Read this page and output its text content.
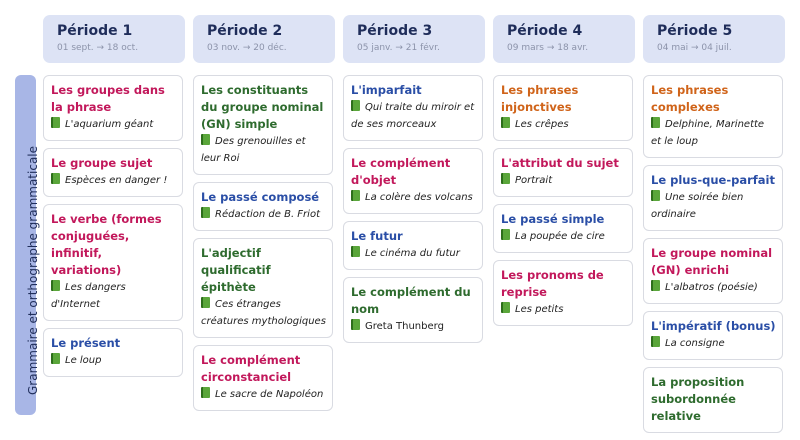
Grammaire et orthographe grammaticale
Période 1
01 sept. → 18 oct.
Les groupes dans la phrase
L'aquarium géant
Le groupe sujet
Espèces en danger !
Le verbe (formes conjuguées, infinitif, variations)
Les dangers d'Internet
Le présent
Le loup
Période 2
03 nov. → 20 déc.
Les constituants du groupe nominal (GN) simple
Des grenouilles et leur Roi
Le passé composé
Rédaction de B. Friot
L'adjectif qualificatif épithète
Ces étranges créatures mythologiques
Le complément circonstanciel
Le sacre de Napoléon
Période 3
05 janv. → 21 févr.
L'imparfait
Qui traite du miroir et de ses morceaux
Le complément d'objet
La colère des volcans
Le futur
Le cinéma du futur
Le complément du nom
Greta Thunberg
Période 4
09 mars → 18 avr.
Les phrases injonctives
Les crêpes
L'attribut du sujet
Portrait
Le passé simple
La poupée de cire
Les pronoms de reprise
Les petits
Période 5
04 mai → 04 juil.
Les phrases complexes
Delphine, Marinette et le loup
Le plus-que-parfait
Une soirée bien ordinaire
Le groupe nominal (GN) enrichi
L'albatros (poésie)
L'impératif (bonus)
La consigne
La proposition subordonnée relative
